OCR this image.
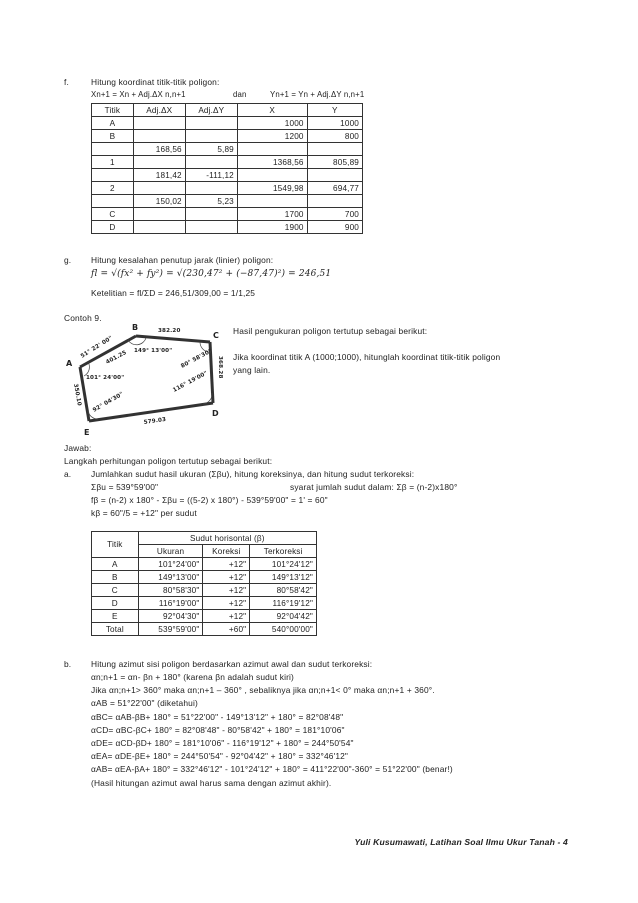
f.	Hitung koordinat titik-titik poligon:
Xn+1 = Xn + Adj.ΔX n,n+1	dan	Yn+1 = Yn + Adj.ΔY n,n+1
Titik	Adj.ΔX	Adj.ΔY	X	Y
A			1000	1000
B			1200	800
	168,56	5,89		
1			1368,56	805,89
	181,42	-111,12		
2			1549,98	694,77
	150,02	5,23		
C			1700	700
D			1900	900
g. Hitung kesalahan penutup jarak (linier) poligon:
fl = √(fx² + fy²) = √(230,47² + (−87,47)²) = 246,51
Ketelitian = fl/ΣD = 246,51/309,00 = 1/1,25
Contoh 9.
Hasil pengukuran poligon tertutup sebagai berikut:
Jika koordinat titik A (1000;1000), hitunglah koordinat titik-titik poligon
yang lain.
A
B
C
D
E
382.20
401.25	368.28
579.03
350.10
101° 24'00"
149° 13'00" 80° 58'30"
116° 19'00"
92° 04'30"
51° 22' 00"
Jawab:
Langkah perhitungan poligon tertutup sebagai berikut:
a. Jumlahkan sudut hasil ukuran (Σβu), hitung koreksinya, dan hitung sudut terkoreksi:
Σβu = 539°59'00"	syarat jumlah sudut dalam: Σβ = (n-2)x180°
fβ = (n-2) x 180° - Σβu = ((5-2) x 180°) - 539°59'00" = 1' = 60"
kβ = 60"/5 = +12" per sudut
Titik	Sudut horisontal (β)		
	Ukuran	Koreksi	Terkoreksi
A	101°24'00"	+12"	101°24'12"
B	149°13'00"	+12"	149°13'12"
C	80°58'30"	+12"	80°58'42"
D	116°19'00"	+12"	116°19'12"
E	92°04'30"	+12"	92°04'42"
Total	539°59'00"	+60"	540°00'00"
b. Hitung azimut sisi poligon berdasarkan azimut awal dan sudut terkoreksi:
αn;n+1 = αn- βn + 180° (karena βn adalah sudut kiri)
Jika αn;n+1> 360° maka αn;n+1 – 360° , sebaliknya jika αn;n+1< 0° maka αn;n+1 + 360°.
αAB = 51°22'00" (diketahui)
αBC= αAB-βB+ 180° = 51°22'00" - 149°13'12" + 180° = 82°08'48"
αCD= αBC-βC+ 180° = 82°08'48" - 80°58'42" + 180° = 181°10'06"
αDE= αCD-βD+ 180° = 181°10'06" - 116°19'12" + 180° = 244°50'54"
αEA= αDE-βE+ 180° = 244°50'54" - 92°04'42" + 180° = 332°46'12"
αAB= αEA-βA+ 180° = 332°46'12" - 101°24'12" + 180° = 411°22'00"-360° = 51°22'00" (benar!)
(Hasil hitungan azimut awal harus sama dengan azimut akhir).
Yuli Kusumawati, Latihan Soal Ilmu Ukur Tanah - 4
